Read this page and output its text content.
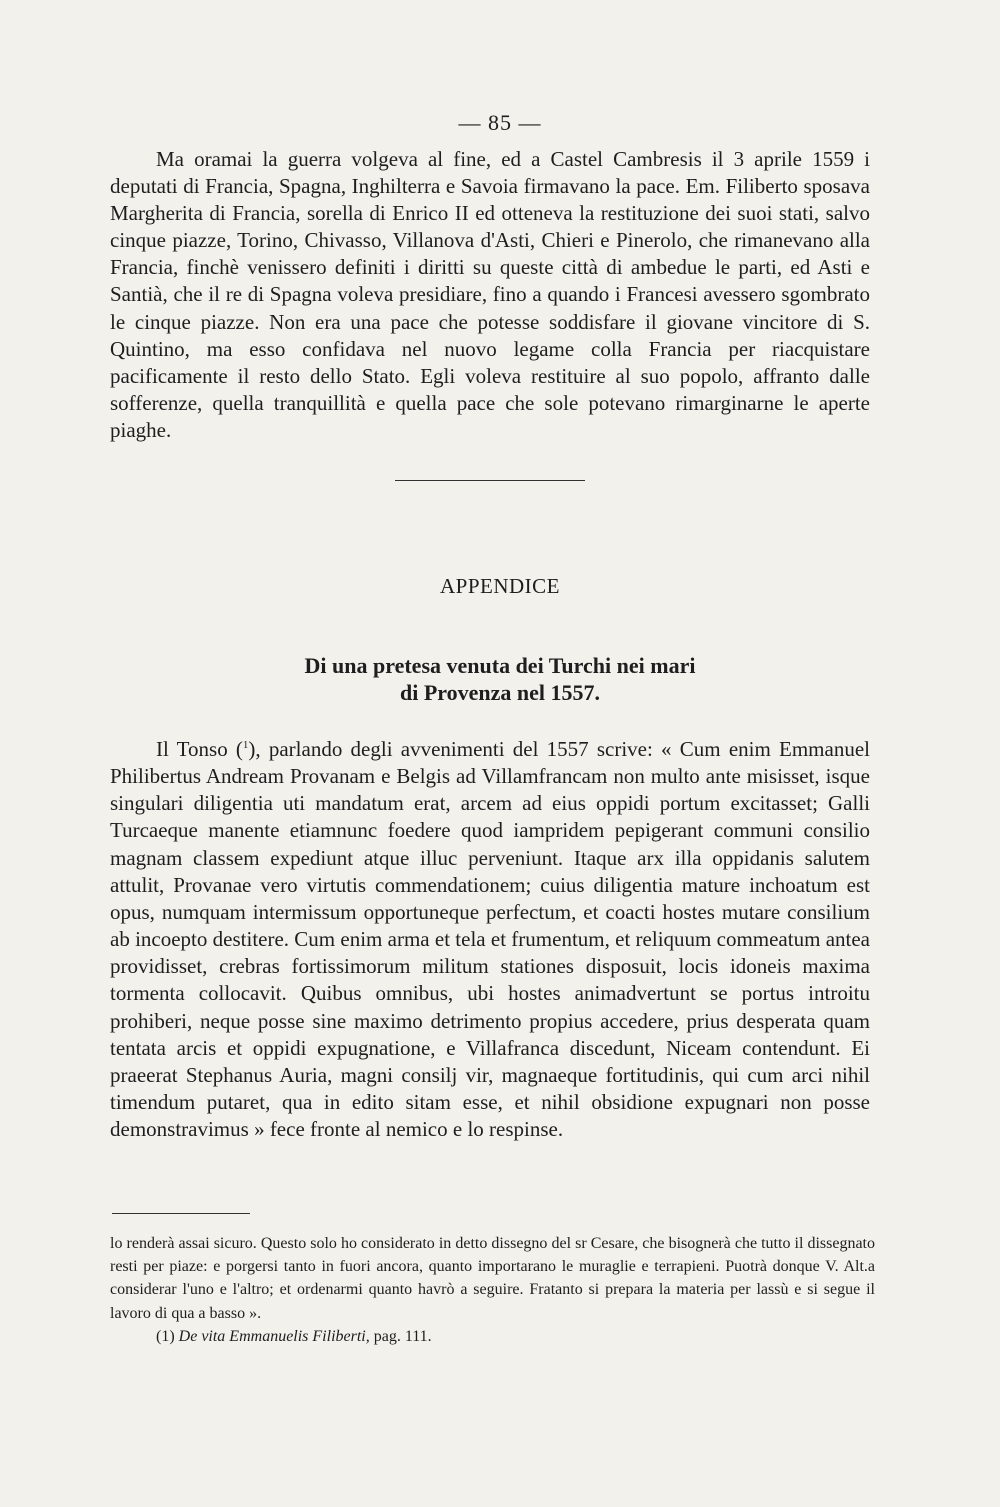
— 85 —

Ma oramai la guerra volgeva al fine, ed a Castel Cambresis il 3 aprile 1559 i deputati di Francia, Spagna, Inghilterra e Savoia firmavano la pace. Em. Filiberto sposava Margherita di Francia, sorella di Enrico II ed otteneva la restituzione dei suoi stati, salvo cinque piazze, Torino, Chivasso, Villanova d'Asti, Chieri e Pinerolo, che rimanevano alla Francia, finchè venissero definiti i diritti su queste città di ambedue le parti, ed Asti e Santià, che il re di Spagna voleva presidiare, fino a quando i Francesi avessero sgombrato le cinque piazze. Non era una pace che potesse soddisfare il giovane vincitore di S. Quintino, ma esso confidava nel nuovo legame colla Francia per riacquistare pacificamente il resto dello Stato. Egli voleva restituire al suo popolo, affranto dalle sofferenze, quella tranquillità e quella pace che sole potevano rimarginarne le aperte piaghe.

APPENDICE
Di una pretesa venuta dei Turchi nei mari
di Provenza nel 1557.

Il Tonso ($^1$), parlando degli avvenimenti del 1557 scrive: « Cum enim Emmanuel Philibertus Andream Provanam e Belgis ad Villamfrancam non multo ante misisset, isque singulari diligentia uti mandatum erat, arcem ad eius oppidi portum excitasset; Galli Turcaeque manente etiamnunc foedere quod iampridem pepigerant communi consilio magnam classem expediunt atque illuc perveniunt. Itaque arx illa oppidanis salutem attulit, Provanae vero virtutis commendationem; cuius diligentia mature inchoatum est opus, numquam intermissum opportuneque perfectum, et coacti hostes mutare consilium ab incoepto destitere. Cum enim arma et tela et frumentum, et reliquum commeatum antea providisset, crebras fortissimorum militum stationes disposuit, locis idoneis maxima tormenta collocavit. Quibus omnibus, ubi hostes animadvertunt se portus introitu prohiberi, neque posse sine maximo detrimento propius accedere, prius desperata quam tentata arcis et oppidi expugnatione, e Villafranca discedunt, Niceam contendunt. Ei praeerat Stephanus Auria, magni consilj vir, magnaeque fortitudinis, qui cum arci nihil timendum putaret, qua in edito sitam esse, et nihil obsidione expugnari non posse demonstravimus » fece fronte al nemico e lo respinse.

lo renderà assai sicuro. Questo solo ho considerato in detto dissegno del sr Cesare, che bisognerà che tutto il dissegnato resti per piaze: e porgersi tanto in fuori ancora, quanto importarano le muraglie e terrapieni. Puotrà donque V. Alt.a considerar l'uno e l'altro; et ordenarmi quanto havrò a seguire. Fratanto si prepara la materia per lassù e si segue il lavoro di qua a basso ».

(1) De vita Emmanuelis Filiberti, pag. 111.
